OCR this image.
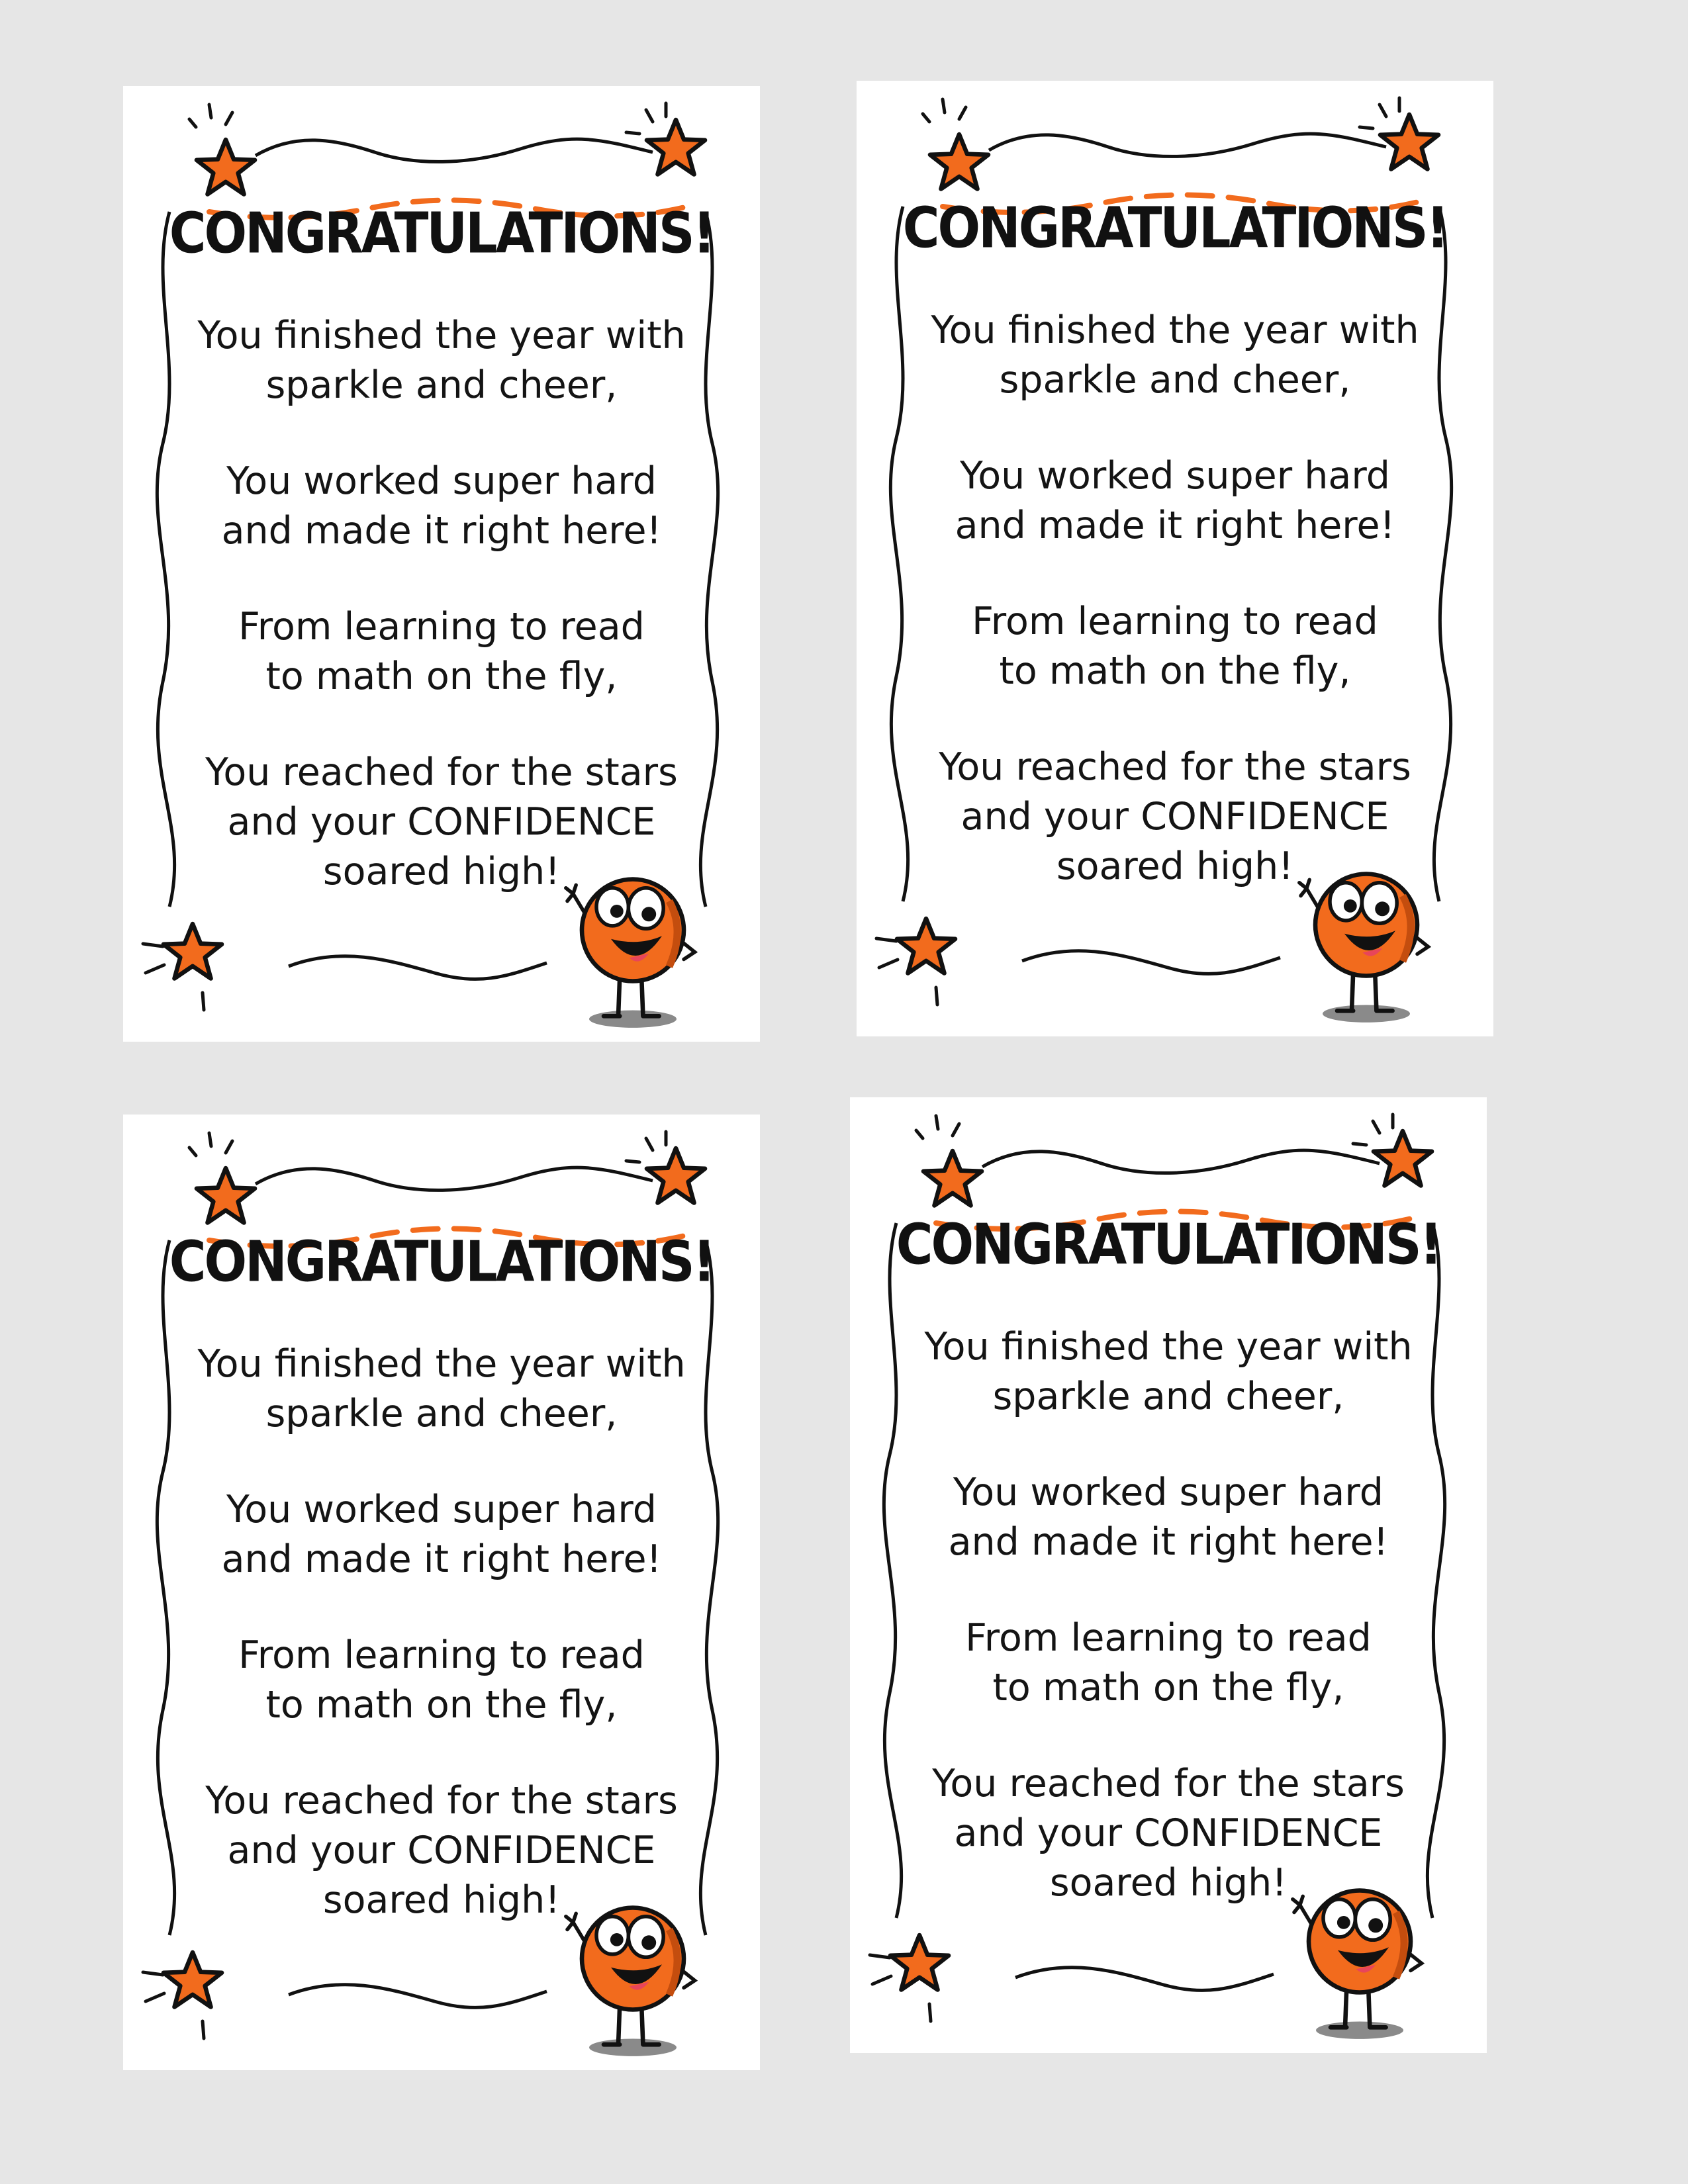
CONGRATULATIONS!
You finished the year with
sparkle and cheer,
You worked super hard
and made it right here!
From learning to read
to math on the fly,
You reached for the stars
and your CONFIDENCE
soared high!
CONGRATULATIONS!
You finished the year with
sparkle and cheer,
You worked super hard
and made it right here!
From learning to read
to math on the fly,
You reached for the stars
and your CONFIDENCE
soared high!
CONGRATULATIONS!
You finished the year with
sparkle and cheer,
You worked super hard
and made it right here!
From learning to read
to math on the fly,
You reached for the stars
and your CONFIDENCE
soared high!
CONGRATULATIONS!
You finished the year with
sparkle and cheer,
You worked super hard
and made it right here!
From learning to read
to math on the fly,
You reached for the stars
and your CONFIDENCE
soared high!
